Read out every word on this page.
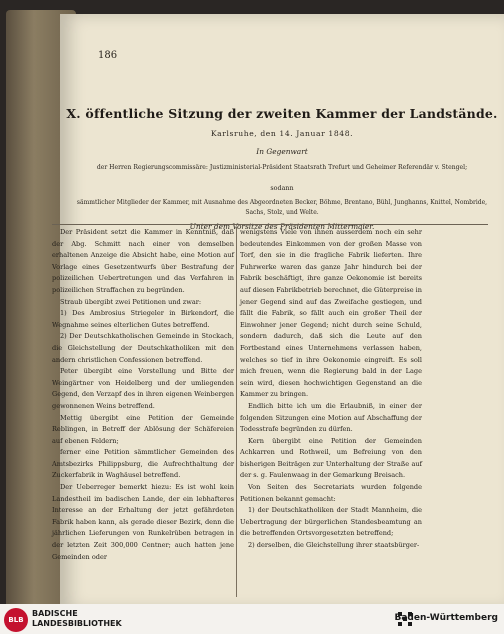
186
X. öffentliche Sitzung der zweiten Kammer der Landstände.
Karlsruhe, den 14. Januar 1848.
In Gegenwart
der Herren Regierungscommissäre: Justizministerial-Präsident Staatsrath Trefurt und Geheimer Referendär v. Stengel;
sodann
sämmtlicher Mitglieder der Kammer, mit Ausnahme des Abgeordneten Becker, Böhme, Brentano, Bühl, Junghanns, Knittel, Nombride, Sachs, Stolz, und Welte.
Unter dem Vorsitze des Präsidenten Mittermaier.

Der Präsident setzt die Kammer in Kenntniß, daß der Abg. Schmitt nach einer von demselben erhaltenen Anzeige die Absicht habe, eine Motion auf Vorlage eines Gesetzentwurfs über Bestrafung der polizeilichen Uebertretungen und das Verfahren in polizeilichen Straffachen zu begründen.

Straub übergibt zwei Petitionen und zwar:

1) Des Ambrosius Striegeler in Birkendorf, die Wegnahme seines elterlichen Gutes betreffend.

2) Der Deutschkatholischen Gemeinde in Stockach, die Gleichstellung der Deutschkatholiken mit den andern christlichen Confessionen betreffend.

Peter übergibt eine Vorstellung und Bitte der Weingärtner von Heidelberg und der umliegenden Gegend, den Verzapf des in ihren eigenen Weinbergen gewonnenen Weins betreffend.

Mettig übergibt eine Petition der Gemeinde Reblingen, in Betreff der Ablösung der Schäfereien auf ebenen Feldern;

ferner eine Petition sämmtlicher Gemeinden des Amtsbezirks Philippsburg, die Aufrechthaltung der Zuckerfabrik in Waghäusel betreffend.

Der Ueberreger bemerkt hiezu: Es ist wohl kein Landestheil im badischen Lande, der ein lebhafteres Interesse an der Erhaltung der jetzt gefährdeten Fabrik haben kann, als gerade dieser Bezirk, denn die jährlichen Lieferungen von Runkelrüben betragen in der letzten Zeit 300,000 Centner; auch hatten jene Gemeinden oder

wenigstens Viele von ihnen ausserdem noch ein sehr bedeutendes Einkommen von der großen Masse von Torf, den sie in die fragliche Fabrik lieferten. Ihre Fuhrwerke waren das ganze Jahr hindurch bei der Fabrik beschäftigt, ihre ganze Oekonomie ist bereits auf diesen Fabrikbetrieb berechnet, die Güterpreise in jener Gegend sind auf das Zweifache gestiegen, und fällt die Fabrik, so fällt auch ein großer Theil der Einwohner jener Gegend; nicht durch seine Schuld, sondern dadurch, daß sich die Leute auf den Fortbestand eines Unternehmens verlassen haben, welches so tief in ihre Oekonomie eingreift. Es soll mich freuen, wenn die Regierung bald in der Lage sein wird, diesen hochwichtigen Gegenstand an die Kammer zu bringen.

Endlich bitte ich um die Erlaubniß, in einer der folgenden Sitzungen eine Motion auf Abschaffung der Todesstrafe begründen zu dürfen.

Kern übergibt eine Petition der Gemeinden Achkarren und Rothweil, um Befreiung von den bisherigen Beiträgen zur Unterhaltung der Straße auf der s. g. Faulenwaag in der Gemarkung Breisach.

Von Seiten des Secretariats wurden folgende Petitionen bekannt gemacht:

1) der Deutschkatholiken der Stadt Mannheim, die Uebertragung der bürgerlichen Standesbeamtung an die betreffenden Ortsvorgesetzten betreffend;

2) derselben, die Gleichstellung ihrer staatsbürger-

BLB
BADISCHE
LANDESBIBLIOTHEK
Baden-Württemberg
